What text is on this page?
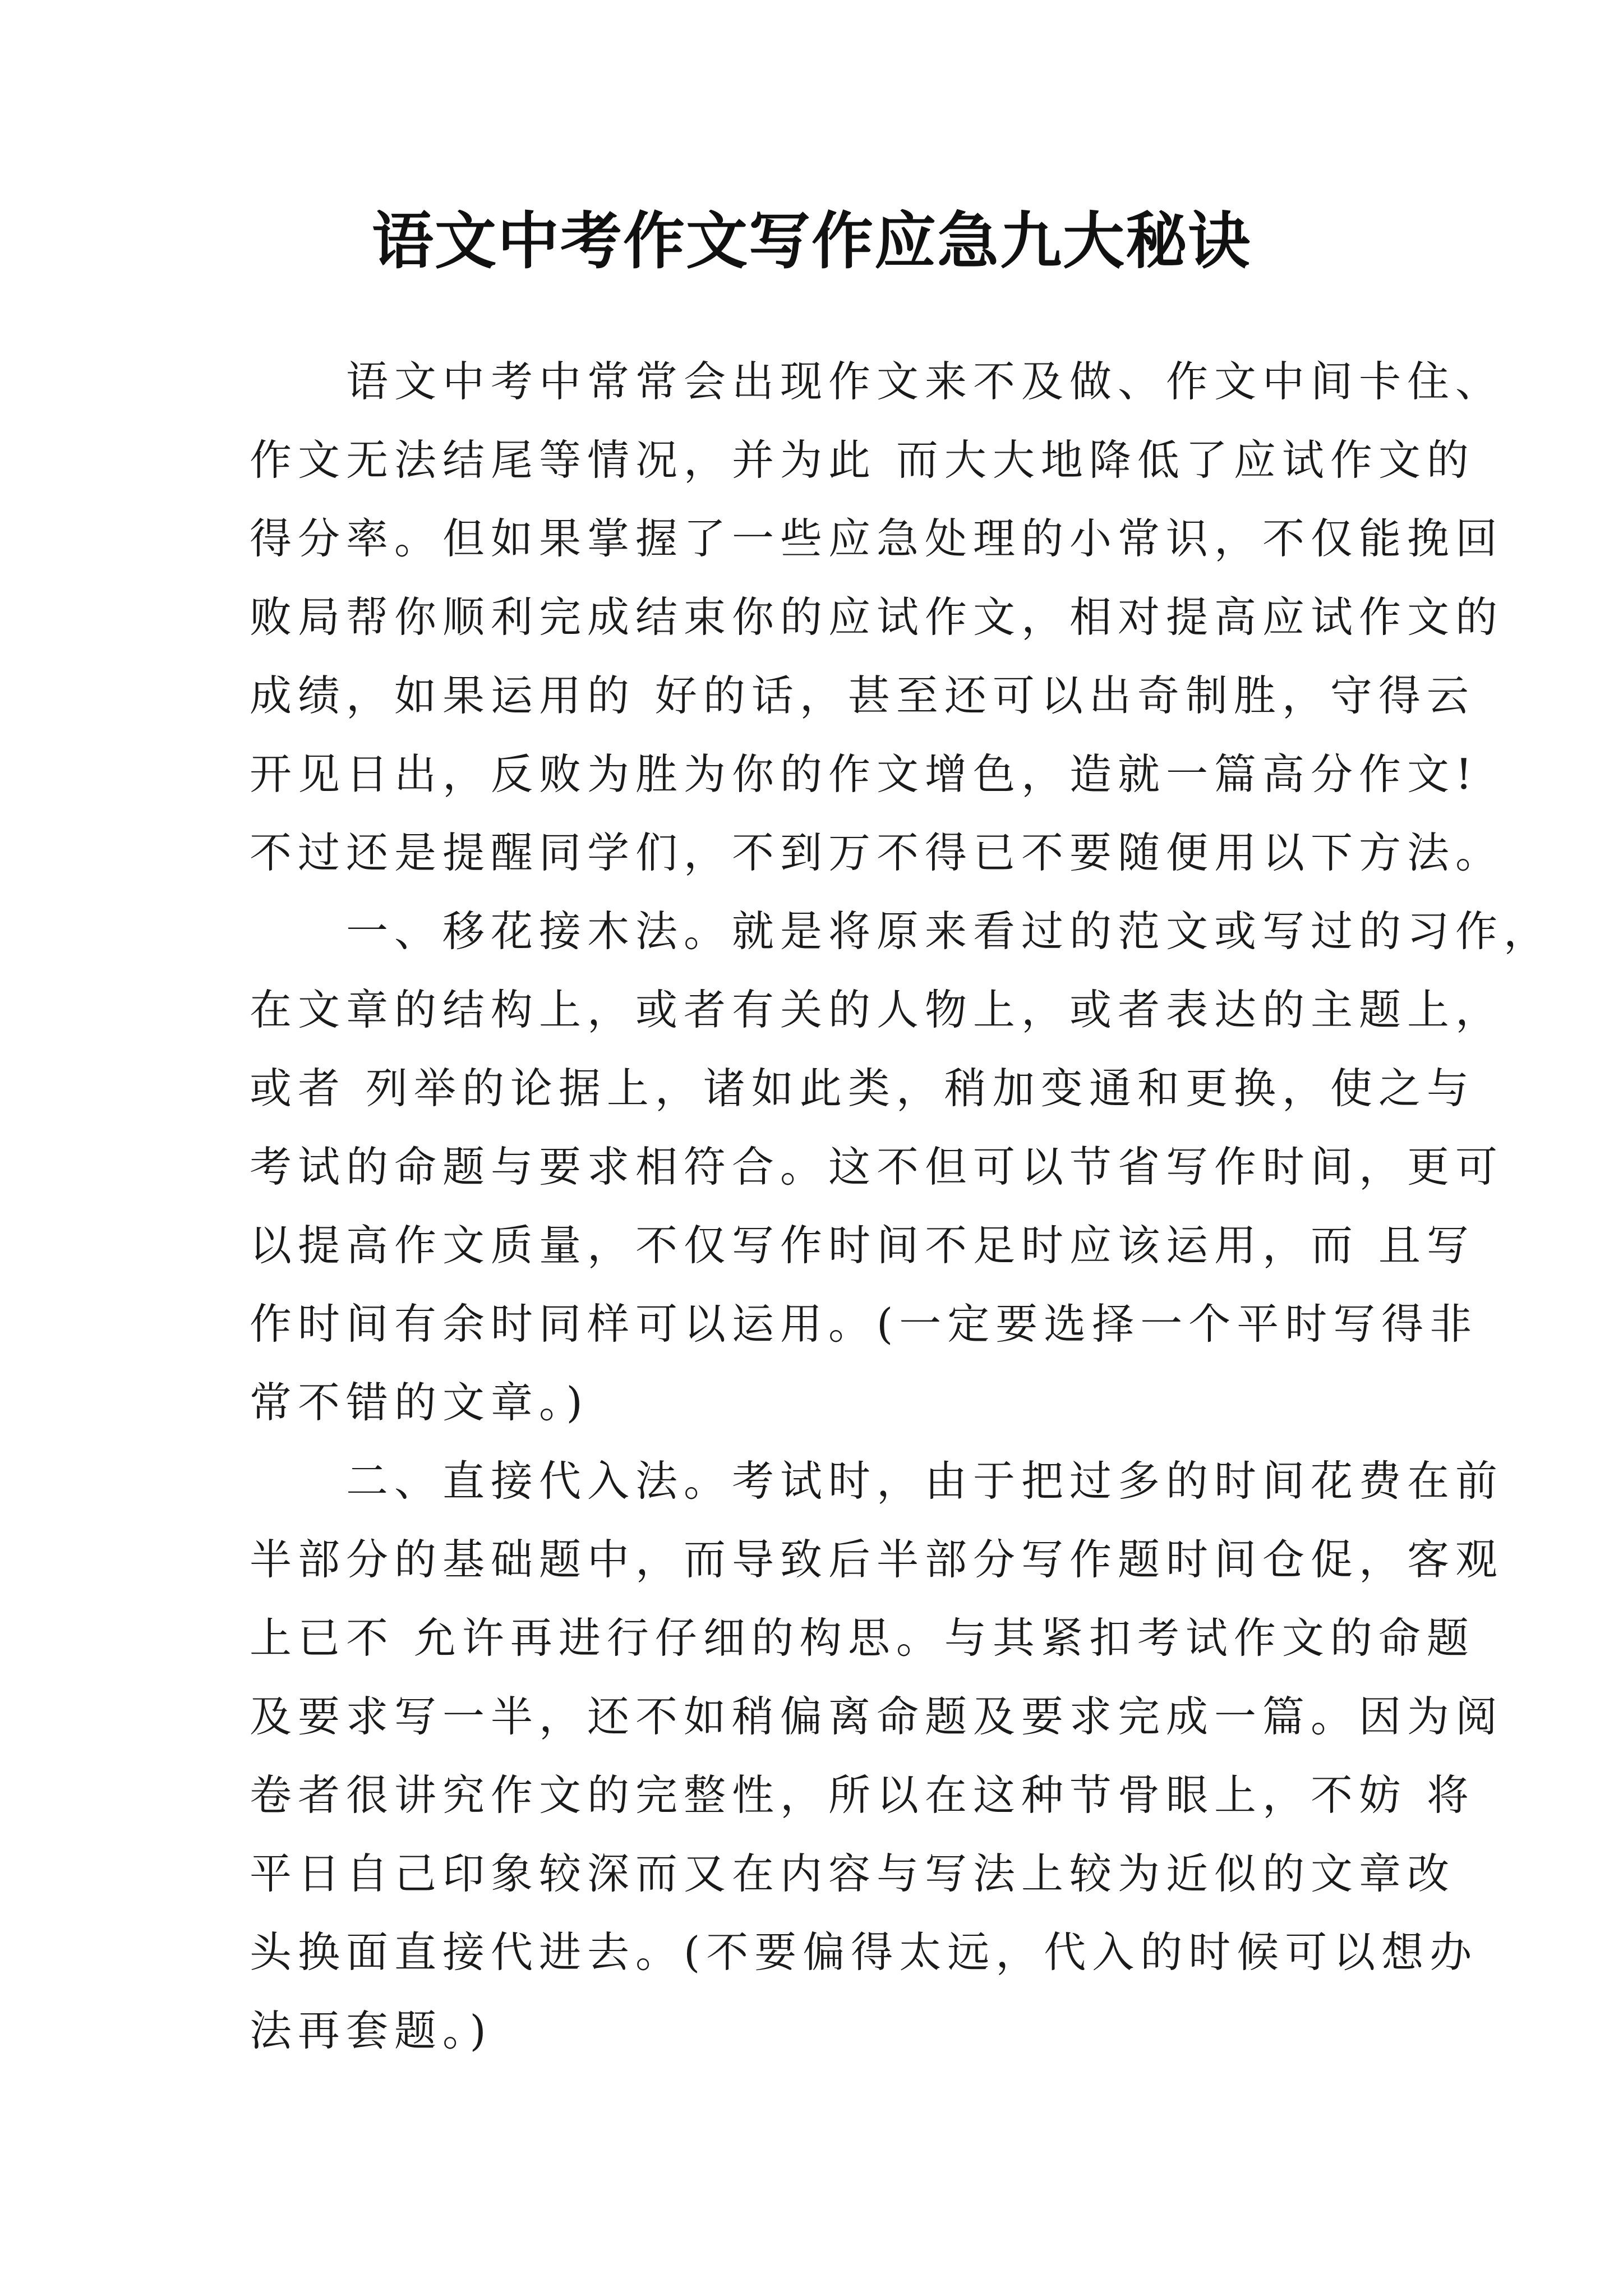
语文中考作文写作应急九大秘诀
语文中考中常常会出现作文来不及做、作文中间卡住、
作文无法结尾等情况，并为此 而大大地降低了应试作文的
得分率。但如果掌握了一些应急处理的小常识，不仅能挽回
败局帮你顺利完成结束你的应试作文，相对提高应试作文的
成绩，如果运用的 好的话，甚至还可以出奇制胜，守得云
开见日出，反败为胜为你的作文增色，造就一篇高分作文!
不过还是提醒同学们，不到万不得已不要随便用以下方法。
一、移花接木法。就是将原来看过的范文或写过的习作，
在文章的结构上，或者有关的人物上，或者表达的主题上，
或者 列举的论据上，诸如此类，稍加变通和更换，使之与
考试的命题与要求相符合。这不但可以节省写作时间，更可
以提高作文质量，不仅写作时间不足时应该运用，而 且写
作时间有余时同样可以运用。(一定要选择一个平时写得非
常不错的文章。)
二、直接代入法。考试时，由于把过多的时间花费在前
半部分的基础题中，而导致后半部分写作题时间仓促，客观
上已不 允许再进行仔细的构思。与其紧扣考试作文的命题
及要求写一半，还不如稍偏离命题及要求完成一篇。因为阅
卷者很讲究作文的完整性，所以在这种节骨眼上，不妨 将
平日自己印象较深而又在内容与写法上较为近似的文章改
头换面直接代进去。(不要偏得太远，代入的时候可以想办
法再套题。)
